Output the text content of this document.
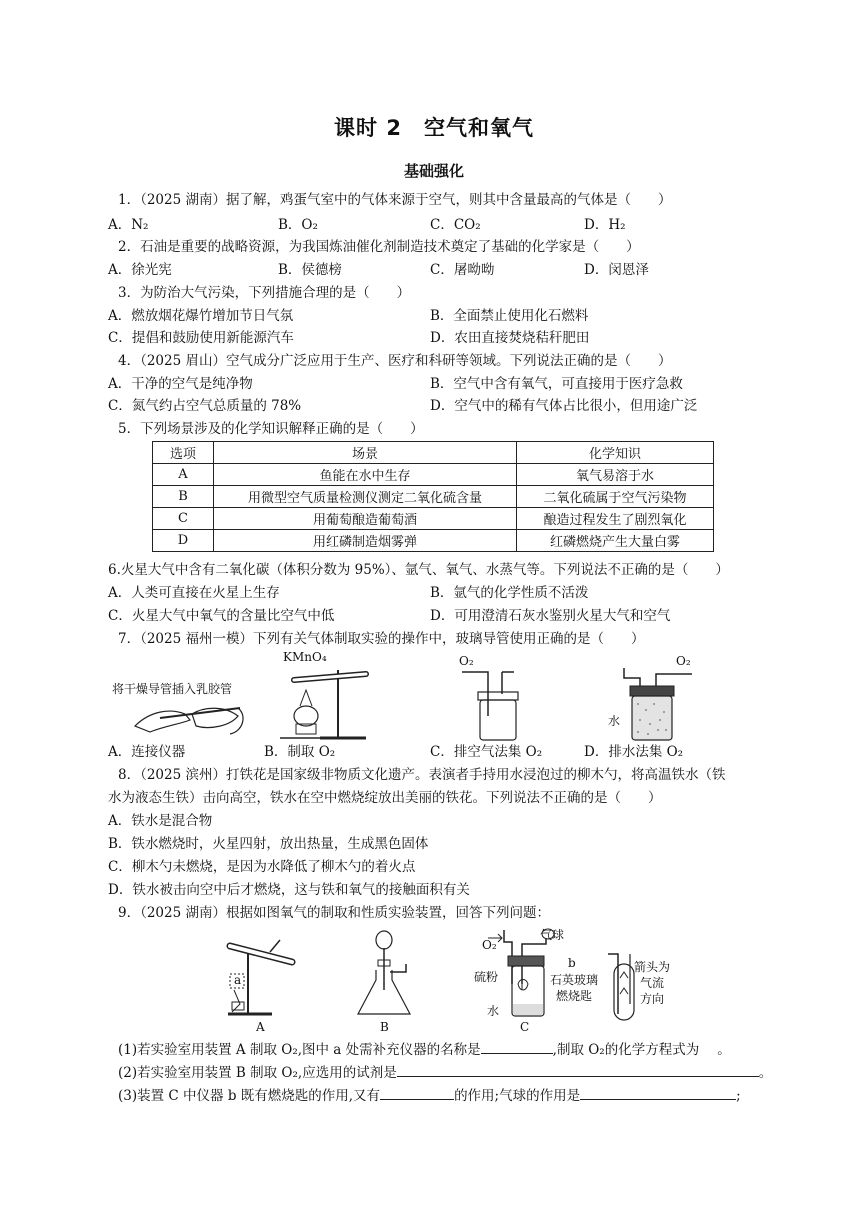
课时 2　空气和氧气
基础强化
1．（2025 湖南）据了解，鸡蛋气室中的气体来源于空气，则其中含量最高的气体是（　　）
A．N₂	B．O₂	C．CO₂	D．H₂
2．石油是重要的战略资源，为我国炼油催化剂制造技术奠定了基础的化学家是（　　）
A．徐光宪	B．侯德榜	C．屠呦呦	D．闵恩泽
3．为防治大气污染，下列措施合理的是（　　）
A．燃放烟花爆竹增加节日气氛	B．全面禁止使用化石燃料
C．提倡和鼓励使用新能源汽车	D．农田直接焚烧秸秆肥田
4．（2025 眉山）空气成分广泛应用于生产、医疗和科研等领域。下列说法正确的是（　　）
A．干净的空气是纯净物	B．空气中含有氧气，可直接用于医疗急救
C．氮气约占空气总质量的 78%	D．空气中的稀有气体占比很小，但用途广泛
5．下列场景涉及的化学知识解释正确的是（　　）
选项	场景	化学知识
A	鱼能在水中生存	氧气易溶于水
B	用微型空气质量检测仪测定二氧化硫含量	二氧化硫属于空气污染物
C	用葡萄酿造葡萄酒	酿造过程发生了剧烈氧化
D	用红磷制造烟雾弹	红磷燃烧产生大量白雾
6.火星大气中含有二氧化碳（体积分数为 95%）、氩气、氧气、水蒸气等。下列说法不正确的是（　　）
A．人类可直接在火星上生存	B．氩气的化学性质不活泼
C．火星大气中氧气的含量比空气中低	D．可用澄清石灰水鉴别火星大气和空气
7．（2025 福州一模）下列有关气体制取实验的操作中，玻璃导管使用正确的是（　　）
将干燥导管插入乳胶管
KMnO₄	O₂	O₂
水
A．连接仪器	B．制取 O₂	C．排空气法集 O₂	D．排水法集 O₂
8．（2025 滨州）打铁花是国家级非物质文化遗产。表演者手持用水浸泡过的柳木勺，将高温铁水（铁
水为液态生铁）击向高空，铁水在空中燃烧绽放出美丽的铁花。下列说法不正确的是（　　）
A．铁水是混合物
B．铁水燃烧时，火星四射，放出热量，生成黑色固体
C．柳木勺未燃烧，是因为水降低了柳木勺的着火点
D．铁水被击向空中后才燃烧，这与铁和氧气的接触面积有关
9．（2025 湖南）根据如图氧气的制取和性质实验装置，回答下列问题：
a
A	B
O₂
气球
b
硫粉	石英玻璃
燃烧匙
水
C
箭头为
气流
方向
(1)若实验室用装置 A 制取 O₂,图中 a 处需补充仪器的名称是	,制取 O₂的化学方程式为 。
(2)若实验室用装置 B 制取 O₂,应选用的试剂是	。
(3)装置 C 中仪器 b 既有燃烧匙的作用,又有	的作用;气球的作用是	;
